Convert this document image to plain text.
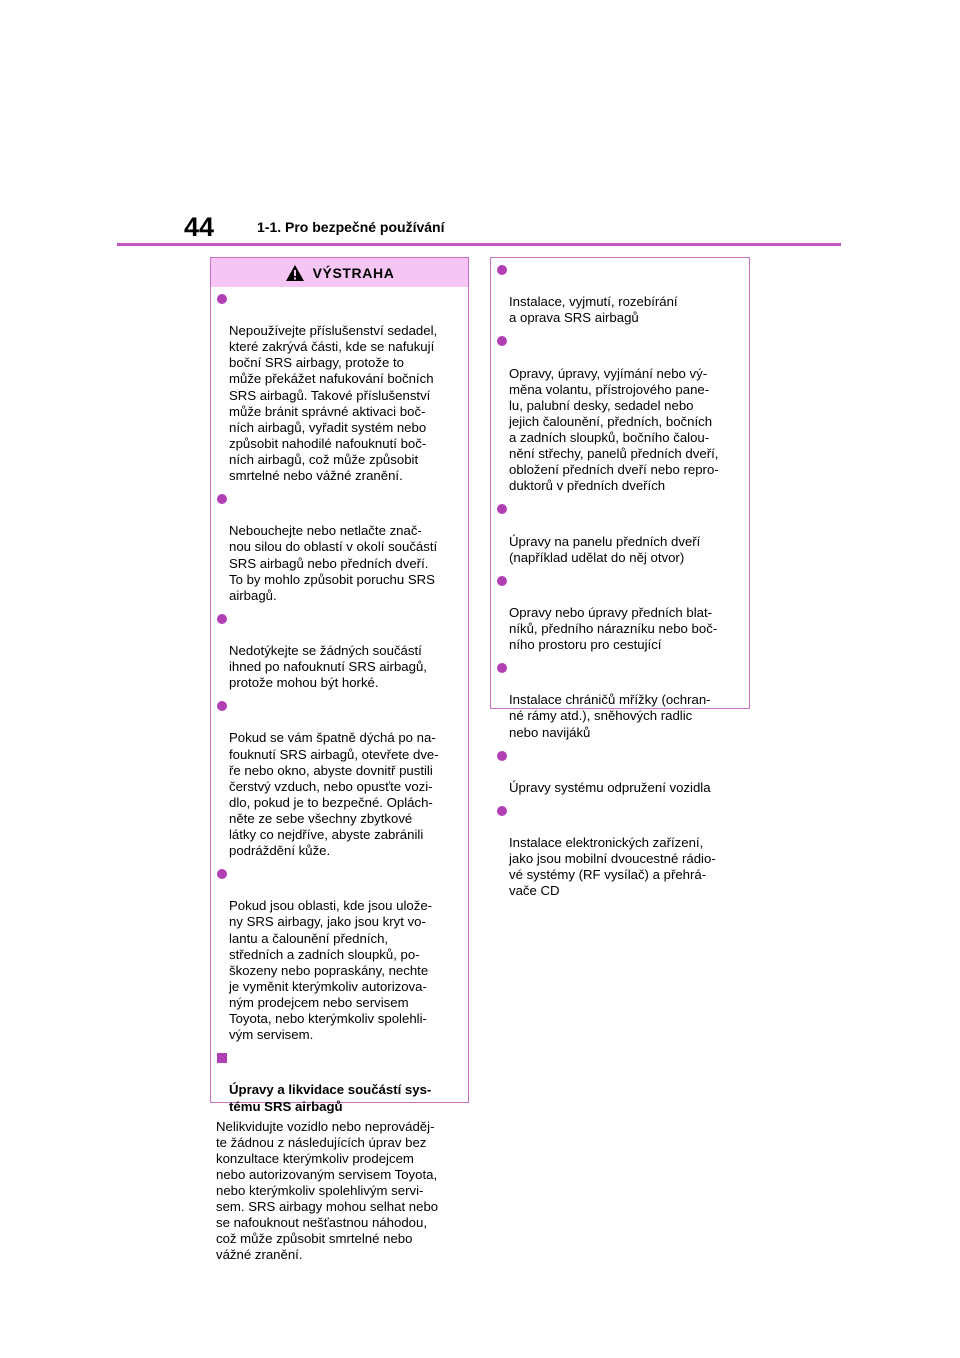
44	1-1. Pro bezpečné používání
VÝSTRAHA

Nepoužívejte příslušenství sedadel,
které zakrývá části, kde se nafukují
boční SRS airbagy, protože to
může překážet nafukování bočních
SRS airbagů. Takové příslušenství
může bránit správné aktivaci boč-
ních airbagů, vyřadit systém nebo
způsobit nahodilé nafouknutí boč-
ních airbagů, což může způsobit
smrtelné nebo vážné zranění.

Nebouchejte nebo netlačte znač-
nou silou do oblastí v okolí součástí
SRS airbagů nebo předních dveří.
To by mohlo způsobit poruchu SRS
airbagů.

Nedotýkejte se žádných součástí
ihned po nafouknutí SRS airbagů,
protože mohou být horké.

Pokud se vám špatně dýchá po na-
fouknutí SRS airbagů, otevřete dve-
ře nebo okno, abyste dovnitř pustili
čerstvý vzduch, nebo opusťte vozi-
dlo, pokud je to bezpečné. Oplách-
něte ze sebe všechny zbytkové
látky co nejdříve, abyste zabránili
podráždění kůže.

Pokud jsou oblasti, kde jsou ulože-
ny SRS airbagy, jako jsou kryt vo-
lantu a čalounění předních,
středních a zadních sloupků, po-
škozeny nebo popraskány, nechte
je vyměnit kterýmkoliv autorizova-
ným prodejcem nebo servisem
Toyota, nebo kterýmkoliv spolehli-
vým servisem.

Úpravy a likvidace součástí sys-
tému SRS airbagů

Nelikvidujte vozidlo nebo neprováděj-
te žádnou z následujících úprav bez
konzultace kterýmkoliv prodejcem
nebo autorizovaným servisem Toyota,
nebo kterýmkoliv spolehlivým servi-
sem. SRS airbagy mohou selhat nebo
se nafouknout nešťastnou náhodou,
což může způsobit smrtelné nebo
vážné zranění.

Instalace, vyjmutí, rozebírání
a oprava SRS airbagů

Opravy, úpravy, vyjímání nebo vý-
měna volantu, přístrojového pane-
lu, palubní desky, sedadel nebo
jejich čalounění, předních, bočních
a zadních sloupků, bočního čalou-
nění střechy, panelů předních dveří,
obložení předních dveří nebo repro-
duktorů v předních dveřích

Úpravy na panelu předních dveří
(například udělat do něj otvor)

Opravy nebo úpravy předních blat-
níků, předního nárazníku nebo boč-
ního prostoru pro cestující

Instalace chráničů mřížky (ochran-
né rámy atd.), sněhových radlic
nebo navijáků

Úpravy systému odpružení vozidla

Instalace elektronických zařízení,
jako jsou mobilní dvoucestné rádio-
vé systémy (RF vysílač) a přehrá-
vače CD
